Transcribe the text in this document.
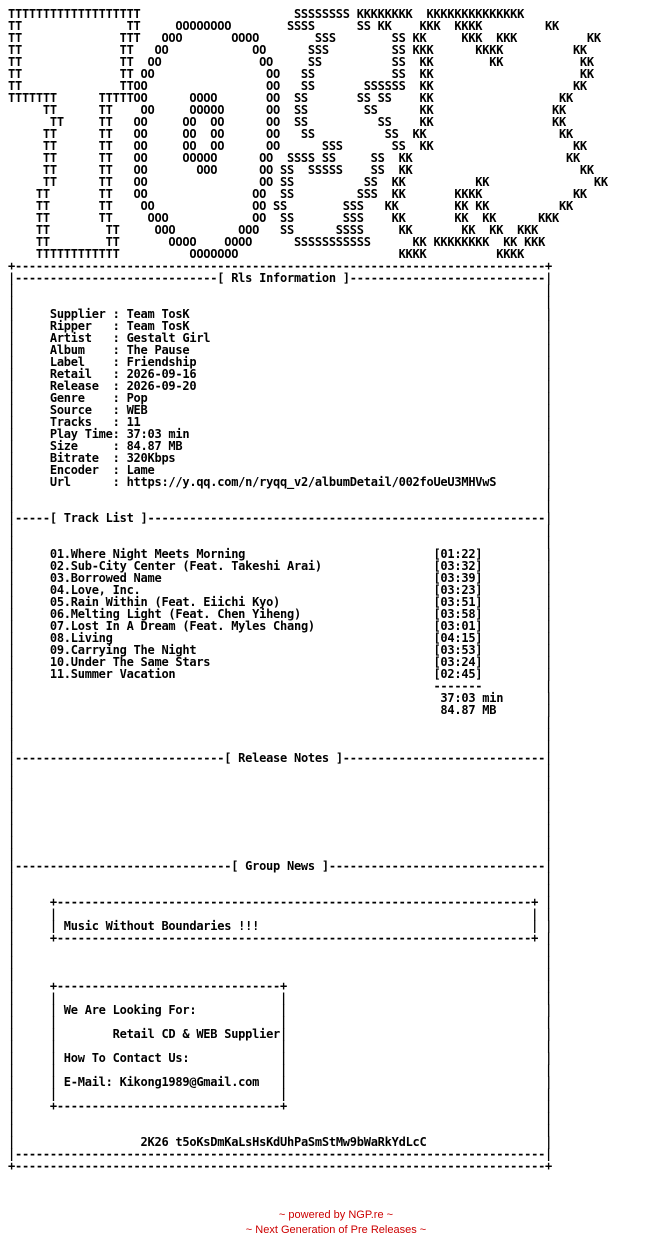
TTTTTTTTTTTTTTTTTTT                      SSSSSSSS KKKKKKKK  KKKKKKKKKKKKKK
TT               TT     OOOOOOOO        SSSS      SS KK    KKK  KKKK         KK
TT              TTT   OOO       OOOO        SSS        SS KK     KKK  KKK          KK
TT              TT   OO            OO      SSS         SS KKK      KKKK          KK
TT              TT  OO              OO     SS          SS  KK        KK           KK
TT              TT OO                OO   SS           SS  KK                     KK
TT              TTOO                 OO   SS       SSSSSS  KK                    KK
TTTTTTT      TTTTTOO      OOOO       OO  SS       SS SS    KK                  KK
TT      TT    OO     OOOOO      OO  SS        SS      KK                 KK
TT     TT   OO     OO  OO      OO  SS          SS    KK                 KK
TT      TT   OO     OO  OO      OO   SS          SS  KK                   KK
TT      TT   OO     OO  OO      OO      SSS       SS  KK                    KK
TT      TT   OO     OOOOO      OO  SSSS SS     SS  KK                      KK
TT      TT   OO       OOO      OO SS  SSSSS    SS  KK                        KK
TT      TT   OO                OO SS          SS  KK          KK               KK
TT       TT   OO               OO  SS         SSS  KK       KKKK             KK
TT       TT    OO              OO SS        SSS   KK        KK KK          KK
TT       TT     OOO            OO  SS       SSS    KK       KK  KK      KKK
TT        TT     OOO         OOO   SS      SSSS     KK       KK  KK  KKK
TT        TT       OOOO    OOOO      SSSSSSSSSSS      KK KKKKKKKK  KK KKK
TTTTTTTTTTTT          OOOOOOO                       KKKK          KKKK
+----------------------------------------------------------------------------+
|-----------------------------[ Rls Information ]----------------------------|
|                                                                            |
|                                                                            |
|     Supplier : Team TosK                                                   |
|     Ripper   : Team TosK                                                   |
|     Artist   : Gestalt Girl                                                |
|     Album    : The Pause                                                   |
|     Label    : Friendship                                                  |
|     Retail   : 2026-09-16                                                  |
|     Release  : 2026-09-20                                                  |
|     Genre    : Pop                                                         |
|     Source   : WEB                                                         |
|     Tracks   : 11                                                          |
|     Play Time: 37:03 min                                                   |
|     Size     : 84.87 MB                                                    |
|     Bitrate  : 320Kbps                                                     |
|     Encoder  : Lame                                                        |
|     Url      : https://y.qq.com/n/ryqq_v2/albumDetail/002foUeU3MHVwS       |
|                                                                            |
|                                                                            |
|-----[ Track List ]---------------------------------------------------------|
|                                                                            |
|                                                                            |
|     01.Where Night Meets Morning                           [01:22]         |
|     02.Sub-City Center (Feat. Takeshi Arai)                [03:32]         |
|     03.Borrowed Name                                       [03:39]         |
|     04.Love, Inc.                                          [03:23]         |
|     05.Rain Within (Feat. Eiichi Kyo)                      [03:51]         |
|     06.Melting Light (Feat. Chen Yiheng)                   [03:58]         |
|     07.Lost In A Dream (Feat. Myles Chang)                 [03:01]         |
|     08.Living                                              [04:15]         |
|     09.Carrying The Night                                  [03:53]         |
|     10.Under The Same Stars                                [03:24]         |
|     11.Summer Vacation                                     [02:45]         |
|                                                            -------         |
|                                                             37:03 min      |
|                                                             84.87 MB       |
|                                                                            |
|                                                                            |
|                                                                            |
|------------------------------[ Release Notes ]-----------------------------|
|                                                                            |
|                                                                            |
|                                                                            |
|                                                                            |
|                                                                            |
|                                                                            |
|                                                                            |
|                                                                            |
|-------------------------------[ Group News ]-------------------------------|
|                                                                            |
|                                                                            |
|     +--------------------------------------------------------------------+ |
|     |                                                                    | |
|     | Music Without Boundaries !!!                                       | |
|     +--------------------------------------------------------------------+ |
|                                                                            |
|                                                                            |
|                                                                            |
|     +--------------------------------+                                     |
|     |                                |                                     |
|     | We Are Looking For:            |                                     |
|     |                                |                                     |
|     |        Retail CD & WEB Supplier|                                     |
|     |                                |                                     |
|     | How To Contact Us:             |                                     |
|     |                                |                                     |
|     | E-Mail: Kikong1989@Gmail.com   |                                     |
|     |                                |                                     |
|     +--------------------------------+                                     |
|                                                                            |
|                                                                            |
|                  2K26 t5oKsDmKaLsHsKdUhPaSmStMw9bWaRkYdLcC                 |
|----------------------------------------------------------------------------|
+----------------------------------------------------------------------------+

~ powered by NGP.re ~
~ Next Generation of Pre Releases ~
